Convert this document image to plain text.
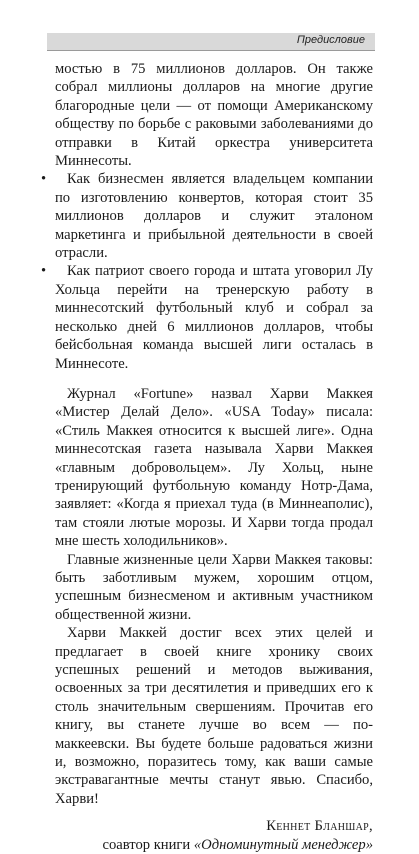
Предисловие

мостью в 75 миллионов долларов. Он также собрал миллионы долларов на многие другие благородные цели — от помощи Американскому обществу по борьбе с раковыми заболеваниями до отправки в Китай оркестра университета Миннесоты.

• Как бизнесмен является владельцем компании по изготовлению конвертов, которая стоит 35 миллионов долларов и служит эталоном маркетинга и прибыльной деятельности в своей отрасли.
• Как патриот своего города и штата уговорил Лу Хольца перейти на тренерскую работу в миннесотский футбольный клуб и собрал за несколько дней 6 миллионов долларов, чтобы бейсбольная команда высшей лиги осталась в Миннесоте.

Журнал «Fortune» назвал Харви Маккея «Мистер Делай Дело». «USA Today» писала: «Стиль Маккея относится к высшей лиге». Одна миннесотская газета называла Харви Маккея «главным добровольцем». Лу Хольц, ныне тренирующий футбольную команду Нотр-Дама, заявляет: «Когда я приехал туда (в Миннеаполис), там стояли лютые морозы. И Харви тогда продал мне шесть холодильников».

Главные жизненные цели Харви Маккея таковы: быть заботливым мужем, хорошим отцом, успешным бизнесменом и активным участником общественной жизни.

Харви Маккей достиг всех этих целей и предлагает в своей книге хронику своих успешных решений и методов выживания, освоенных за три десятилетия и приведших его к столь значительным свершениям. Прочитав его книгу, вы станете лучше во всем — по-маккеевски. Вы будете больше радоваться жизни и, возможно, поразитесь тому, как ваши самые экстравагантные мечты станут явью. Спасибо, Харви!

Кеннет Бланшар,
соавтор книги «Одноминутный менеджер»
